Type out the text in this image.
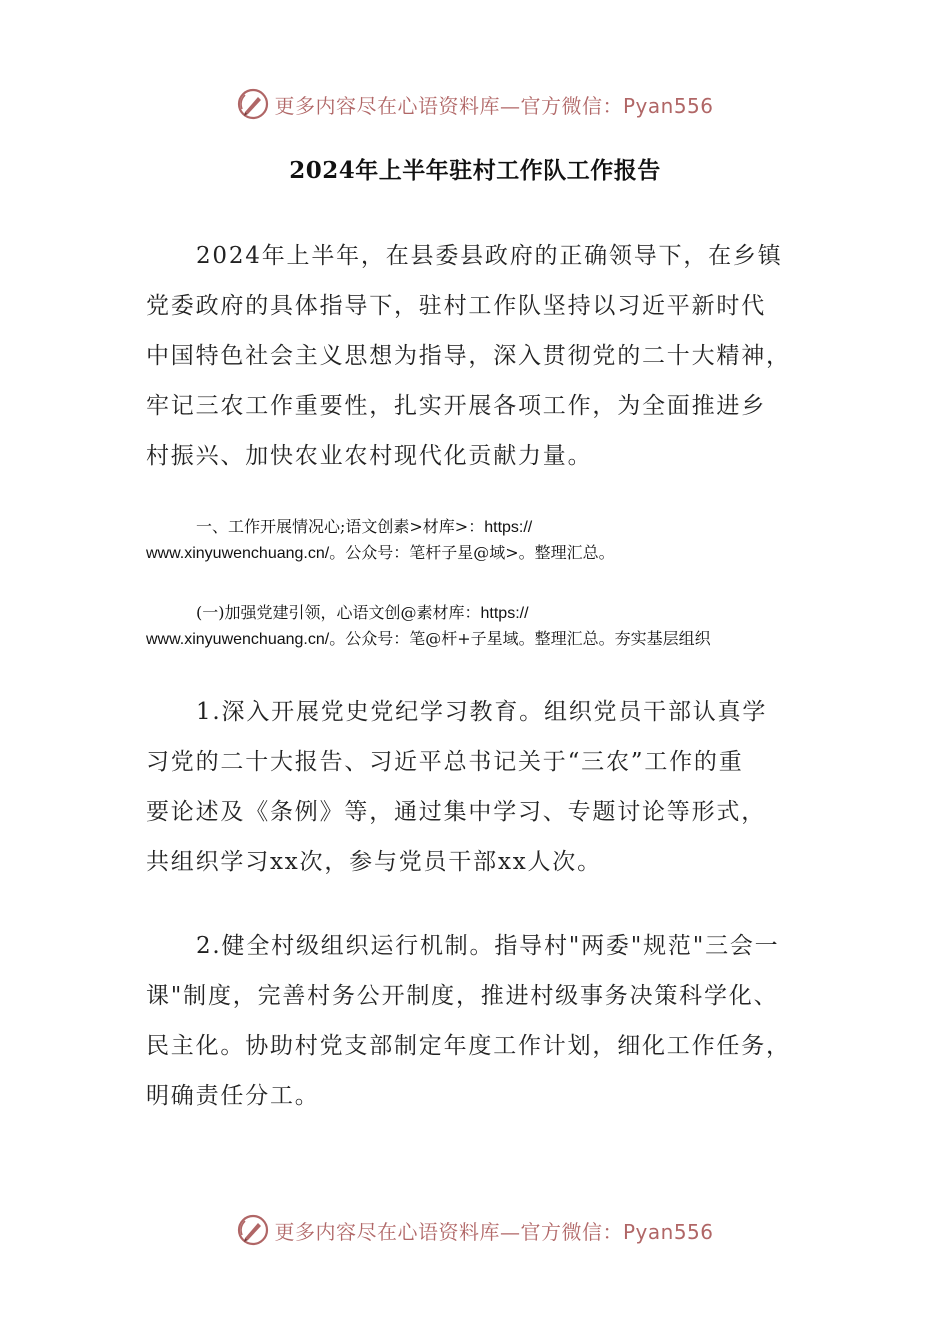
更多内容尽在心语资料库—官方微信：Pyan556
2024年上半年驻村工作队工作报告
2024年上半年，在县委县政府的正确领导下，在乡镇
党委政府的具体指导下，驻村工作队坚持以习近平新时代
中国特色社会主义思想为指导，深入贯彻党的二十大精神，
牢记三农工作重要性，扎实开展各项工作，为全面推进乡
村振兴、加快农业农村现代化贡献力量。
一、工作开展情况心;语文创素>材库>：https://
www.xinyuwenchuang.cn/。公众号：笔杆子星@域>。整理汇总。
(一)加强党建引领，心语文创@素材库：https://
www.xinyuwenchuang.cn/。公众号：笔@杆+子星域。整理汇总。夯实基层组织
1.深入开展党史党纪学习教育。组织党员干部认真学
习党的二十大报告、习近平总书记关于“三农”工作的重
要论述及《条例》等，通过集中学习、专题讨论等形式，
共组织学习xx次，参与党员干部xx人次。
2.健全村级组织运行机制。指导村"两委"规范"三会一
课"制度，完善村务公开制度，推进村级事务决策科学化、
民主化。协助村党支部制定年度工作计划，细化工作任务，
明确责任分工。
更多内容尽在心语资料库—官方微信：Pyan556
